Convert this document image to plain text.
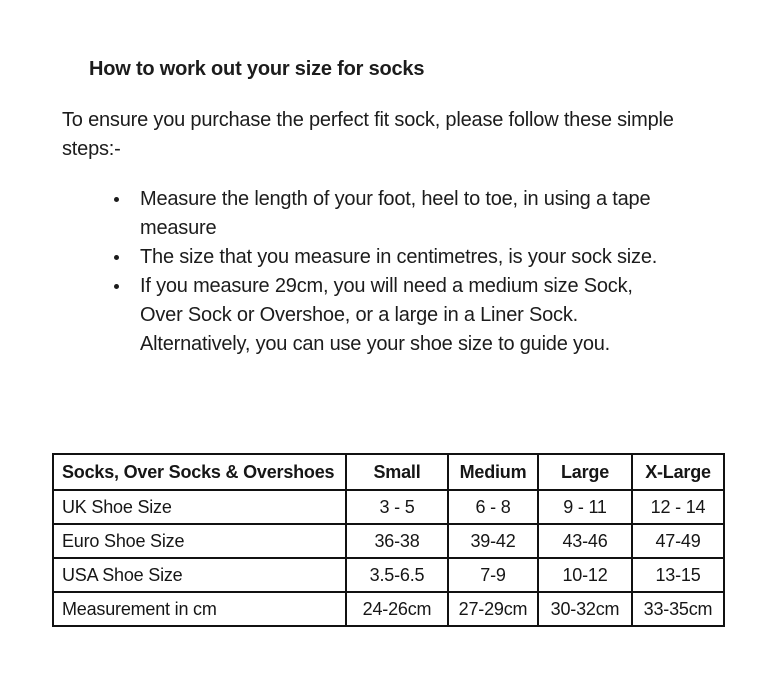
How to work out your size for socks

To ensure you purchase the perfect fit sock, please follow these simple steps:-

Measure the length of your foot, heel to toe, in using a tape measure
The size that you measure in centimetres, is your sock size.
If you measure 29cm, you will need a medium size Sock, Over Sock or Overshoe, or a large in a Liner Sock. Alternatively, you can use your shoe size to guide you.
Socks, Over Socks & Overshoes	Small	Medium	Large	X-Large
UK Shoe Size	3 - 5	6 - 8	9 - 11	12 - 14
Euro Shoe Size	36-38	39-42	43-46	47-49
USA Shoe Size	3.5-6.5	7-9	10-12	13-15
Measurement in cm	24-26cm	27-29cm	30-32cm	33-35cm
